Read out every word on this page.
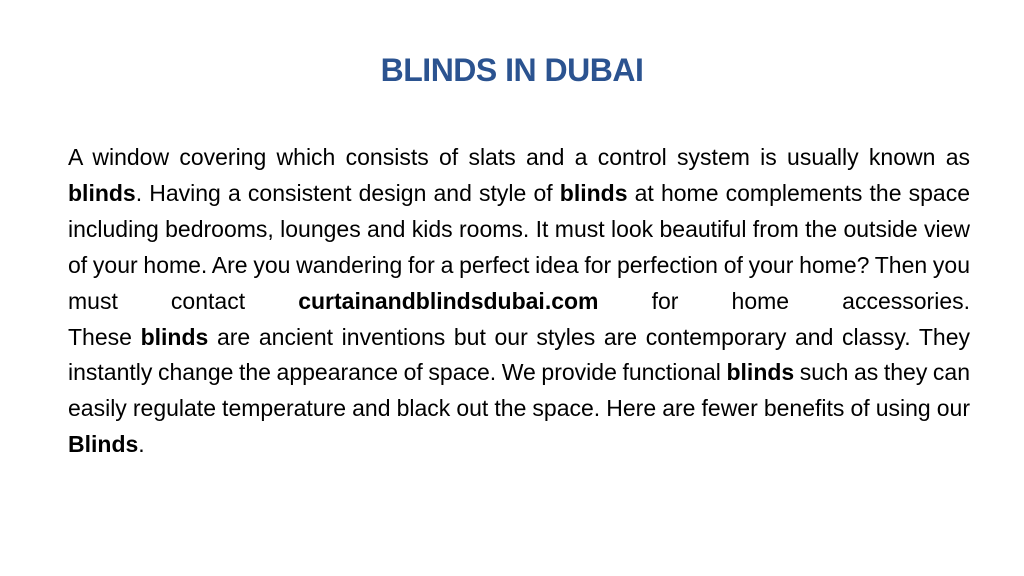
BLINDS IN DUBAI
A window covering which consists of slats and a control system is usually known as blinds. Having a consistent design and style of blinds at home complements the space including bedrooms, lounges and kids rooms. It must look beautiful from the outside view of your home. Are you wandering for a perfect idea for perfection of your home? Then you must contact curtainandblindsdubai.com for home accessories.
These blinds are ancient inventions but our styles are contemporary and classy. They instantly change the appearance of space. We provide functional blinds such as they can easily regulate temperature and black out the space. Here are fewer benefits of using our Blinds.
